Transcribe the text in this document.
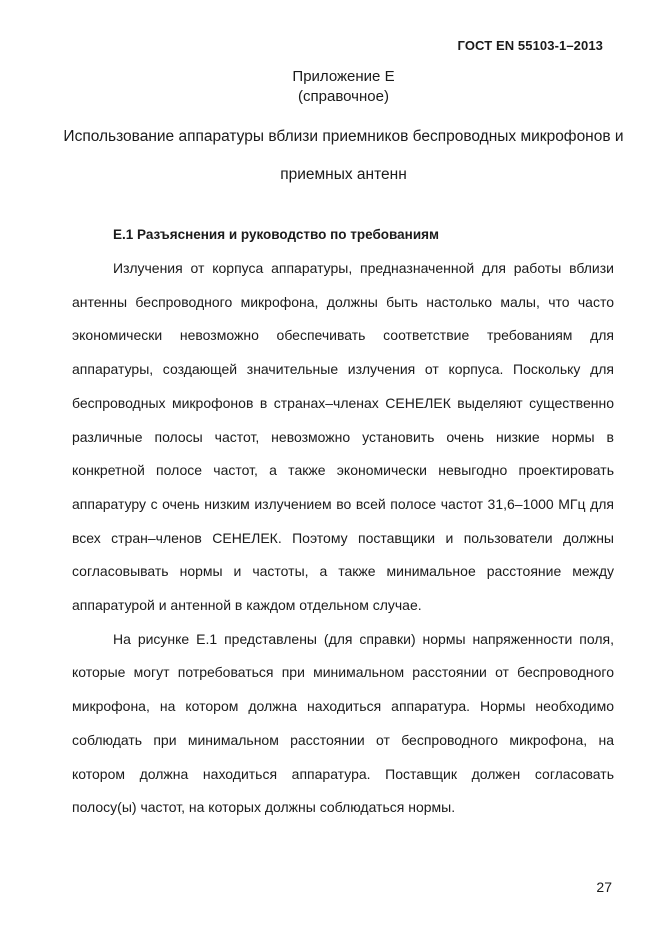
ГОСТ EN 55103-1–2013
Приложение Е
(справочное)
Использование аппаратуры вблизи приемников беспроводных микрофонов и приемных антенн
Е.1 Разъяснения и руководство по требованиям

Излучения от корпуса аппаратуры, предназначенной для работы вблизи антенны беспроводного микрофона, должны быть настолько малы, что часто экономически невозможно обеспечивать соответствие требованиям для аппаратуры, создающей значительные излучения от корпуса. Поскольку для беспроводных микрофонов в странах–членах СЕНЕЛЕК выделяют существенно различные полосы частот, невозможно установить очень низкие нормы в конкретной полосе частот, а также экономически невыгодно проектировать аппаратуру с очень низким излучением во всей полосе частот 31,6–1000 МГц для всех стран–членов СЕНЕЛЕК. Поэтому поставщики и пользователи должны согласовывать нормы и частоты, а также минимальное расстояние между аппаратурой и антенной в каждом отдельном случае.

На рисунке Е.1 представлены (для справки) нормы напряженности поля, которые могут потребоваться при минимальном расстоянии от беспроводного микрофона, на котором должна находиться аппаратура. Нормы необходимо соблюдать при минимальном расстоянии от беспроводного микрофона, на котором должна находиться аппаратура. Поставщик должен согласовать полосу(ы) частот, на которых должны соблюдаться нормы.

27
